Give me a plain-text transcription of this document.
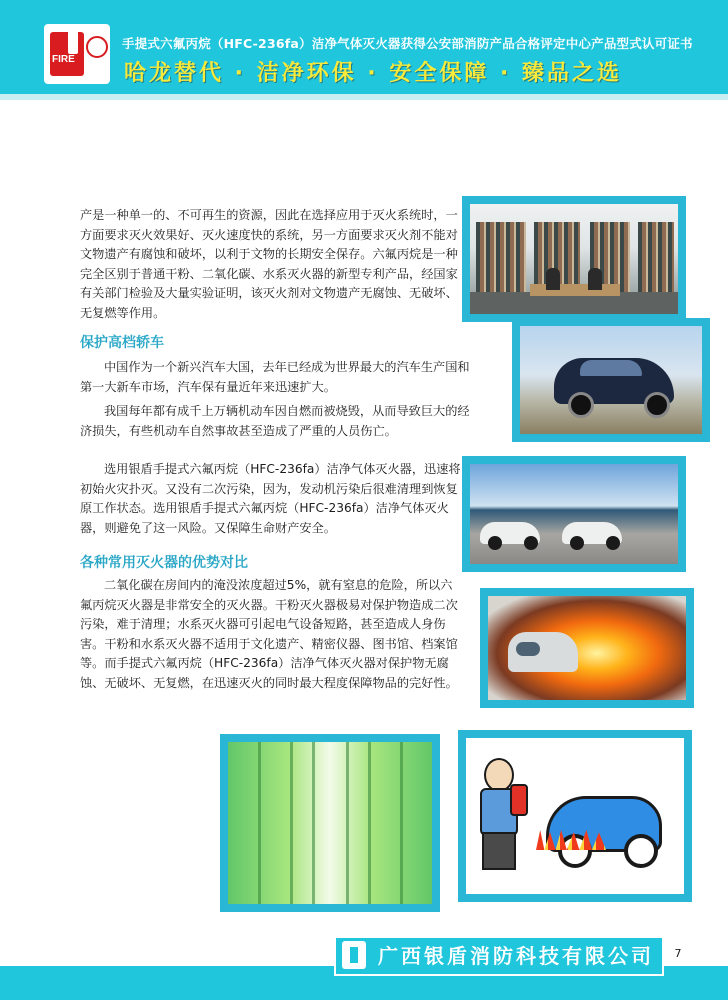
FIRE
手提式六氟丙烷（HFC-236fa）洁净气体灭火器获得公安部消防产品合格评定中心产品型式认可证书
哈龙替代 · 洁净环保 · 安全保障 · 臻品之选

产是一种单一的、不可再生的资源，因此在选择应用于灭火系统时，一方面要求灭火效果好、灭火速度快的系统，另一方面要求灭火剂不能对文物遗产有腐蚀和破坏，以利于文物的长期安全保存。六氟丙烷是一种完全区别于普通干粉、二氧化碳、水系灭火器的新型专利产品，经国家有关部门检验及大量实验证明，该灭火剂对文物遗产无腐蚀、无破坏、无复燃等作用。

保护高档轿车

中国作为一个新兴汽车大国，去年已经成为世界最大的汽车生产国和第一大新车市场，汽车保有量近年来迅速扩大。

我国每年都有成千上万辆机动车因自燃而被烧毁，从而导致巨大的经济损失，有些机动车自然事故甚至造成了严重的人员伤亡。

选用银盾手提式六氟丙烷（HFC-236fa）洁净气体灭火器，迅速将初始火灾扑灭。又没有二次污染，因为，发动机污染后很难清理到恢复原工作状态。选用银盾手提式六氟丙烷（HFC-236fa）洁净气体灭火器，则避免了这一风险。又保障生命财产安全。

各种常用灭火器的优势对比

二氧化碳在房间内的淹没浓度超过5%，就有窒息的危险，所以六氟丙烷灭火器是非常安全的灭火器。干粉灭火器极易对保护物造成二次污染，难于清理；水系灭火器可引起电气设备短路，甚至造成人身伤害。干粉和水系灭火器不适用于文化遗产、精密仪器、图书馆、档案馆等。而手提式六氟丙烷（HFC-236fa）洁净气体灭火器对保护物无腐蚀、无破坏、无复燃，在迅速灭火的同时最大程度保障物品的完好性。

广西银盾消防科技有限公司	7
